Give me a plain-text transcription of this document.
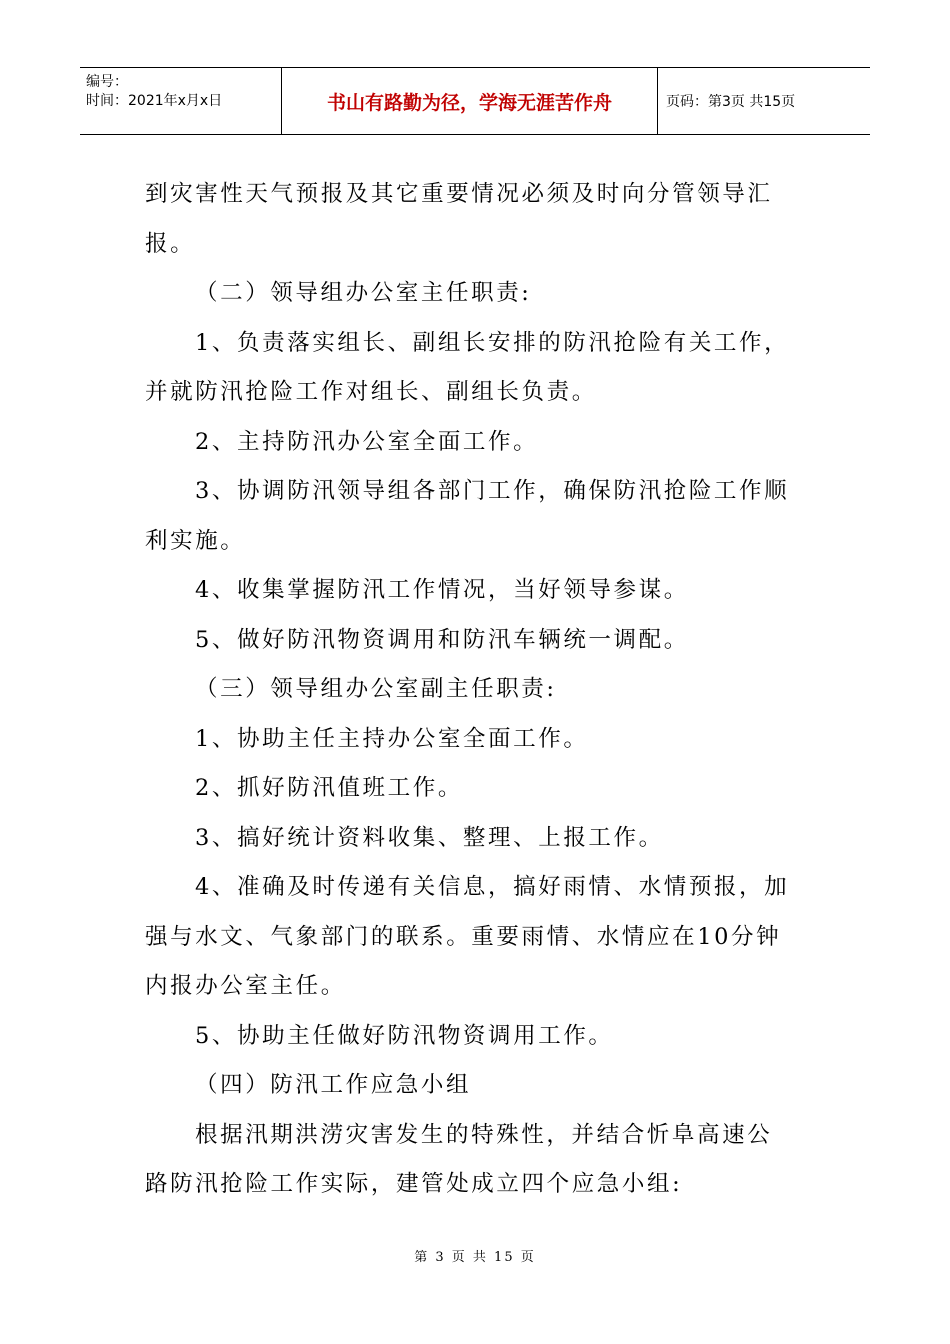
编号：
时间：2021年x月x日	书山有路勤为径，学海无涯苦作舟	页码：第3页 共15页
到灾害性天气预报及其它重要情况必须及时向分管领导汇
报。
（二）领导组办公室主任职责:
1、负责落实组长、副组长安排的防汛抢险有关工作，
并就防汛抢险工作对组长、副组长负责。
2、主持防汛办公室全面工作。
3、协调防汛领导组各部门工作，确保防汛抢险工作顺
利实施。
4、收集掌握防汛工作情况，当好领导参谋。
5、做好防汛物资调用和防汛车辆统一调配。
（三）领导组办公室副主任职责:
1、协助主任主持办公室全面工作。
2、抓好防汛值班工作。
3、搞好统计资料收集、整理、上报工作。
4、准确及时传递有关信息，搞好雨情、水情预报，加
强与水文、气象部门的联系。重要雨情、水情应在10分钟
内报办公室主任。
5、协助主任做好防汛物资调用工作。
（四）防汛工作应急小组
根据汛期洪涝灾害发生的特殊性，并结合忻阜高速公
路防汛抢险工作实际，建管处成立四个应急小组:
第 3 页 共 15 页
